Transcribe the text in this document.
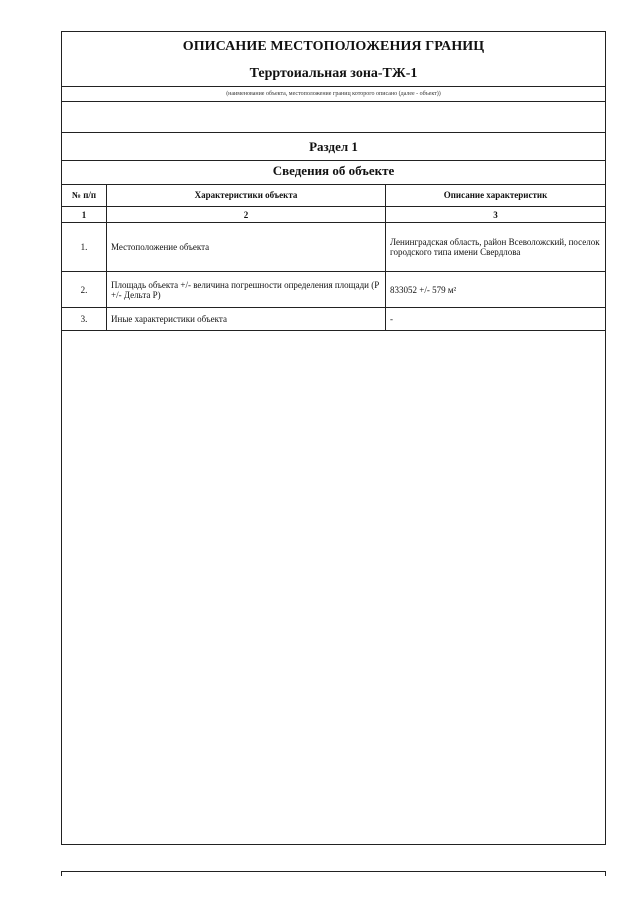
ОПИСАНИЕ МЕСТОПОЛОЖЕНИЯ ГРАНИЦ
Терртоиальная зона-ТЖ-1
(наименование объекта, местоположение границ которого описано (далее - объект))
Раздел 1
Сведения об объекте
№ п/п	Характеристики объекта	Описание характеристик
1	2	3
1.	Местоположение объекта	Ленинградская область, район Всеволожский, поселок городского типа имени Свердлова
2.	Площадь объекта +/- величина погрешности определения площади (P +/- Дельта P)	833052 +/- 579 м²
3.	Иные характеристики объекта	-
